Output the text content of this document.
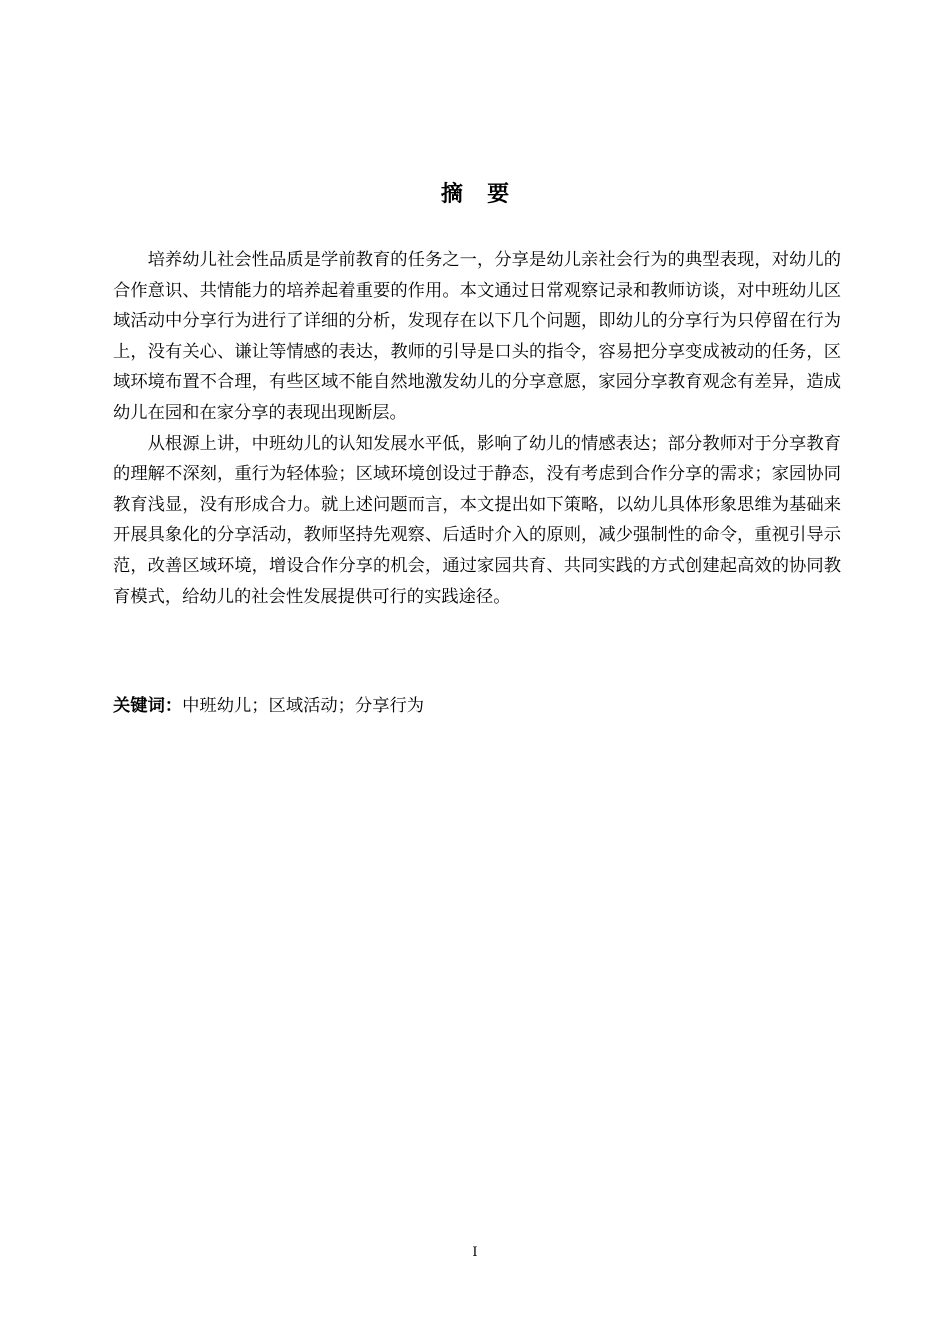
摘要

培养幼儿社会性品质是学前教育的任务之一，分享是幼儿亲社会行为的典型表现，对幼儿的合作意识、共情能力的培养起着重要的作用。本文通过日常观察记录和教师访谈，对中班幼儿区域活动中分享行为进行了详细的分析，发现存在以下几个问题，即幼儿的分享行为只停留在行为上，没有关心、谦让等情感的表达，教师的引导是口头的指令，容易把分享变成被动的任务，区域环境布置不合理，有些区域不能自然地激发幼儿的分享意愿，家园分享教育观念有差异，造成幼儿在园和在家分享的表现出现断层。

从根源上讲，中班幼儿的认知发展水平低，影响了幼儿的情感表达；部分教师对于分享教育的理解不深刻，重行为轻体验；区域环境创设过于静态，没有考虑到合作分享的需求；家园协同教育浅显，没有形成合力。就上述问题而言，本文提出如下策略，以幼儿具体形象思维为基础来开展具象化的分享活动，教师坚持先观察、后适时介入的原则，减少强制性的命令，重视引导示范，改善区域环境，增设合作分享的机会，通过家园共育、共同实践的方式创建起高效的协同教育模式，给幼儿的社会性发展提供可行的实践途径。

关键词：中班幼儿；区域活动；分享行为
I
